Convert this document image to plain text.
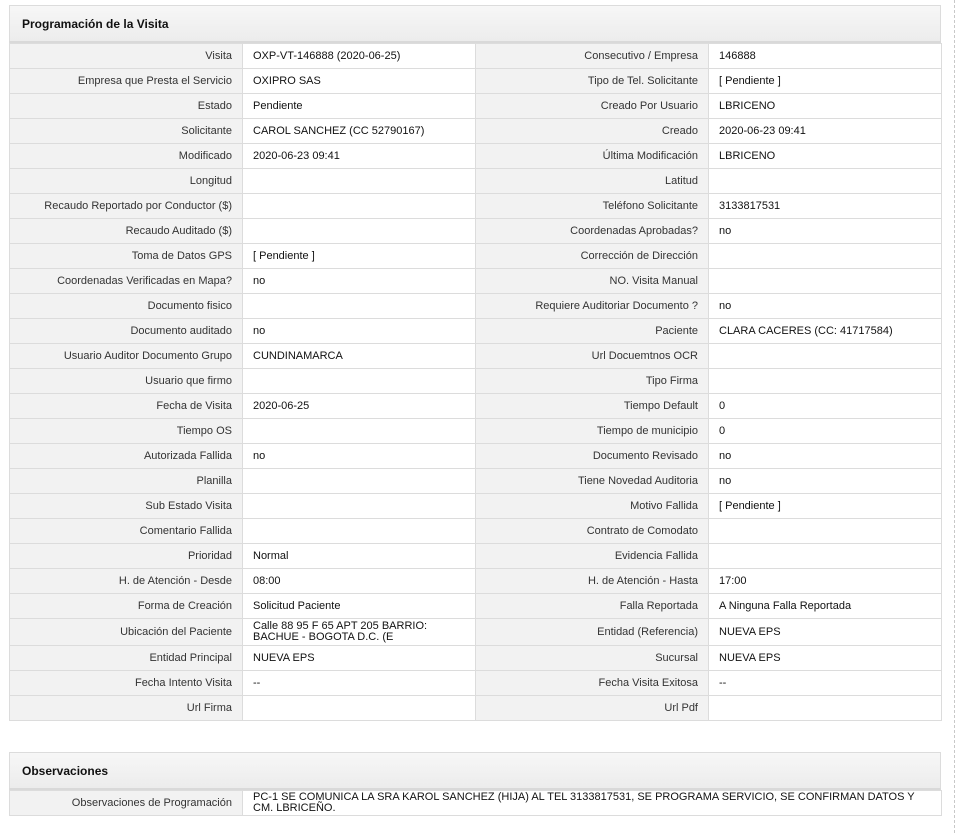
Programación de la Visita
Visita	OXP-VT-146888 (2020-06-25)	Consecutivo / Empresa	146888
Empresa que Presta el Servicio	OXIPRO SAS	Tipo de Tel. Solicitante	[ Pendiente ]
Estado	Pendiente	Creado Por Usuario	LBRICENO
Solicitante	CAROL SANCHEZ (CC 52790167)	Creado	2020-06-23 09:41
Modificado	2020-06-23 09:41	Última Modificación	LBRICENO
Longitud		Latitud	
Recaudo Reportado por Conductor ($)		Teléfono Solicitante	3133817531
Recaudo Auditado ($)		Coordenadas Aprobadas?	no
Toma de Datos GPS	[ Pendiente ]	Corrección de Dirección	
Coordenadas Verificadas en Mapa?	no	NO. Visita Manual	
Documento fisico		Requiere Auditoriar Documento ?	no
Documento auditado	no	Paciente	CLARA CACERES (CC: 41717584)
Usuario Auditor Documento Grupo	CUNDINAMARCA	Url Docuemtnos OCR	
Usuario que firmo		Tipo Firma	
Fecha de Visita	2020-06-25	Tiempo Default	0
Tiempo OS		Tiempo de municipio	0
Autorizada Fallida	no	Documento Revisado	no
Planilla		Tiene Novedad Auditoria	no
Sub Estado Visita		Motivo Fallida	[ Pendiente ]
Comentario Fallida		Contrato de Comodato	
Prioridad	Normal	Evidencia Fallida	
H. de Atención - Desde	08:00	H. de Atención - Hasta	17:00
Forma de Creación	Solicitud Paciente	Falla Reportada	A Ninguna Falla Reportada
Ubicación del Paciente	Calle 88 95 F 65 APT 205 BARRIO: BACHUE - BOGOTA D.C. (E	Entidad (Referencia)	NUEVA EPS
Entidad Principal	NUEVA EPS	Sucursal	NUEVA EPS
Fecha Intento Visita	--	Fecha Visita Exitosa	--
Url Firma		Url Pdf	
Observaciones
Observaciones de Programación	PC-1 SE COMUNICA LA SRA KAROL SANCHEZ (HIJA) AL TEL 3133817531, SE PROGRAMA SERVICIO, SE CONFIRMAN DATOS Y CM. LBRICEÑO.
